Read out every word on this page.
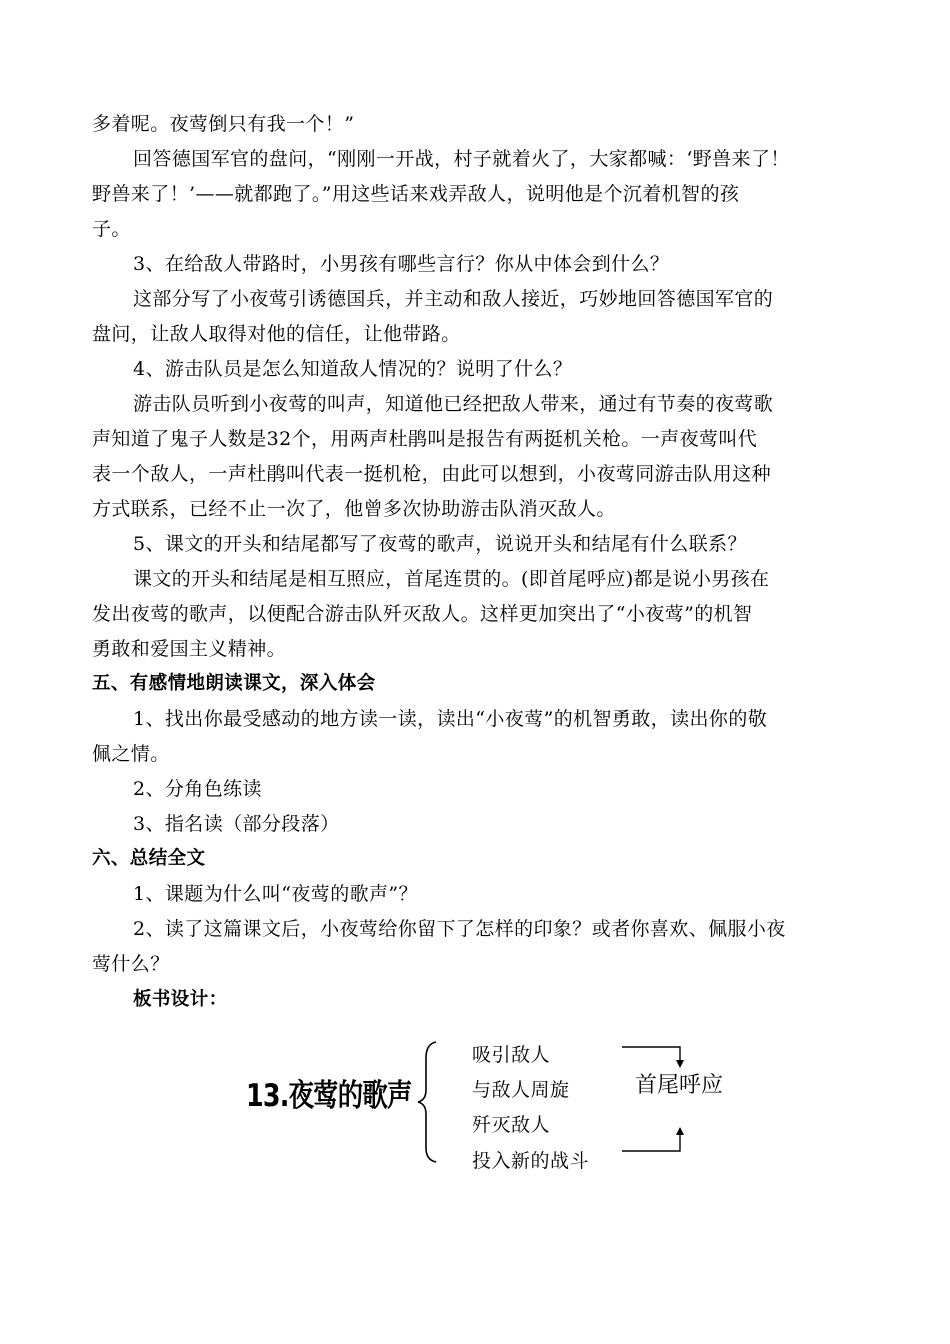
多着呢。夜莺倒只有我一个！”
回答德国军官的盘问，“刚刚一开战，村子就着火了，大家都喊：‘野兽来了！
野兽来了！’——就都跑了。”用这些话来戏弄敌人，说明他是个沉着机智的孩
子。
3、在给敌人带路时，小男孩有哪些言行？你从中体会到什么？
这部分写了小夜莺引诱德国兵，并主动和敌人接近，巧妙地回答德国军官的
盘问，让敌人取得对他的信任，让他带路。
4、游击队员是怎么知道敌人情况的？说明了什么？
游击队员听到小夜莺的叫声，知道他已经把敌人带来，通过有节奏的夜莺歌
声知道了鬼子人数是32个，用两声杜鹃叫是报告有两挺机关枪。一声夜莺叫代
表一个敌人，一声杜鹃叫代表一挺机枪，由此可以想到，小夜莺同游击队用这种
方式联系，已经不止一次了，他曾多次协助游击队消灭敌人。
5、课文的开头和结尾都写了夜莺的歌声，说说开头和结尾有什么联系？
课文的开头和结尾是相互照应，首尾连贯的。(即首尾呼应)都是说小男孩在
发出夜莺的歌声，以便配合游击队歼灭敌人。这样更加突出了“小夜莺”的机智
勇敢和爱国主义精神。
五、有感情地朗读课文，深入体会
1、找出你最受感动的地方读一读，读出“小夜莺”的机智勇敢，读出你的敬
佩之情。
2、分角色练读
3、指名读（部分段落）
六、总结全文
1、课题为什么叫“夜莺的歌声”？
2、读了这篇课文后，小夜莺给你留下了怎样的印象？或者你喜欢、佩服小夜
莺什么？
板书设计：
13.夜莺的歌声
吸引敌人
与敌人周旋
歼灭敌人
投入新的战斗
首尾呼应
